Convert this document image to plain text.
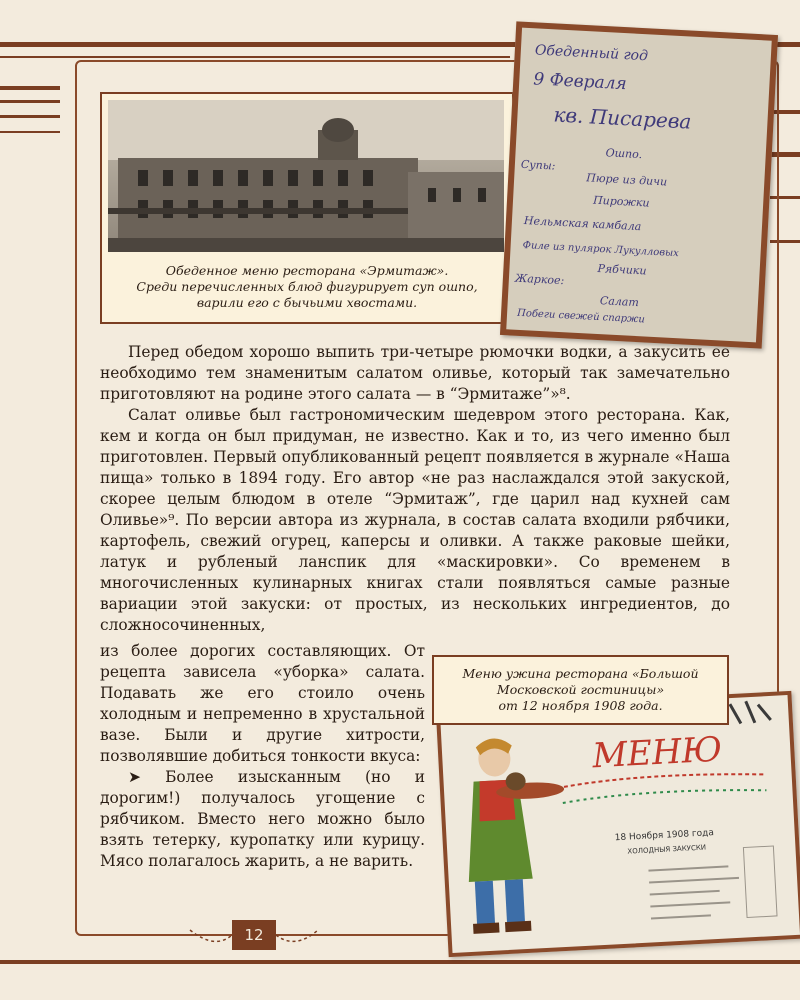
Обеденное меню ресторана «Эрмитаж».
Среди перечисленных блюд фигурирует суп ошпо,
варили его с бычьими хвостами.
Обеденный год
9 Февраля
кв. Писарева
Ошпо.
Супы:
Пюре из дичи
Пирожки
Нельмская камбала
Филе из пулярок Лукулловых
Рябчики
Жаркое:
Салат
Побеги свежей спаржи

Перед обедом хорошо выпить три-четыре рюмочки водки, а закусить ее необходимо тем знаменитым салатом оливье, который так замечательно приготовляют на родине этого салата — в “Эрмитаже”»⁸.

Салат оливье был гастрономическим шедевром этого ресторана. Как, кем и когда он был придуман, не известно. Как и то, из чего именно был приготовлен. Первый опубликованный рецепт появляется в журнале «Наша пища» только в 1894 году. Его автор «не раз наслаждался этой закуской, скорее целым блюдом в отеле “Эрмитаж”, где царил над кухней сам Оливье»⁹. По версии автора из журнала, в состав салата входили рябчики, картофель, свежий огурец, каперсы и оливки. А также раковые шейки, латук и рубленый ланспик для «маскировки». Со временем в многочисленных кулинарных книгах стали появляться самые разные вариации этой закуски: от простых, из нескольких ингредиентов, до сложносочиненных,

из более дорогих составляющих. От рецепта зависела «уборка» салата. Подавать же его стоило очень холодным и непременно в хрустальной вазе. Были и другие хитрости, позволявшие добиться тонкости вкуса:

➤ Более изысканным (но и дорогим!) получалось угощение с рябчиком. Вместо него можно было взять тетерку, куропатку или курицу. Мясо полагалось жарить, а не варить.

МЕНЮ
18 Ноября 1908 года
ХОЛОДНЫЯ ЗАКУСКИ
Меню ужина ресторана «Большой
Московской гостиницы»
от 12 ноября 1908 года.
12
